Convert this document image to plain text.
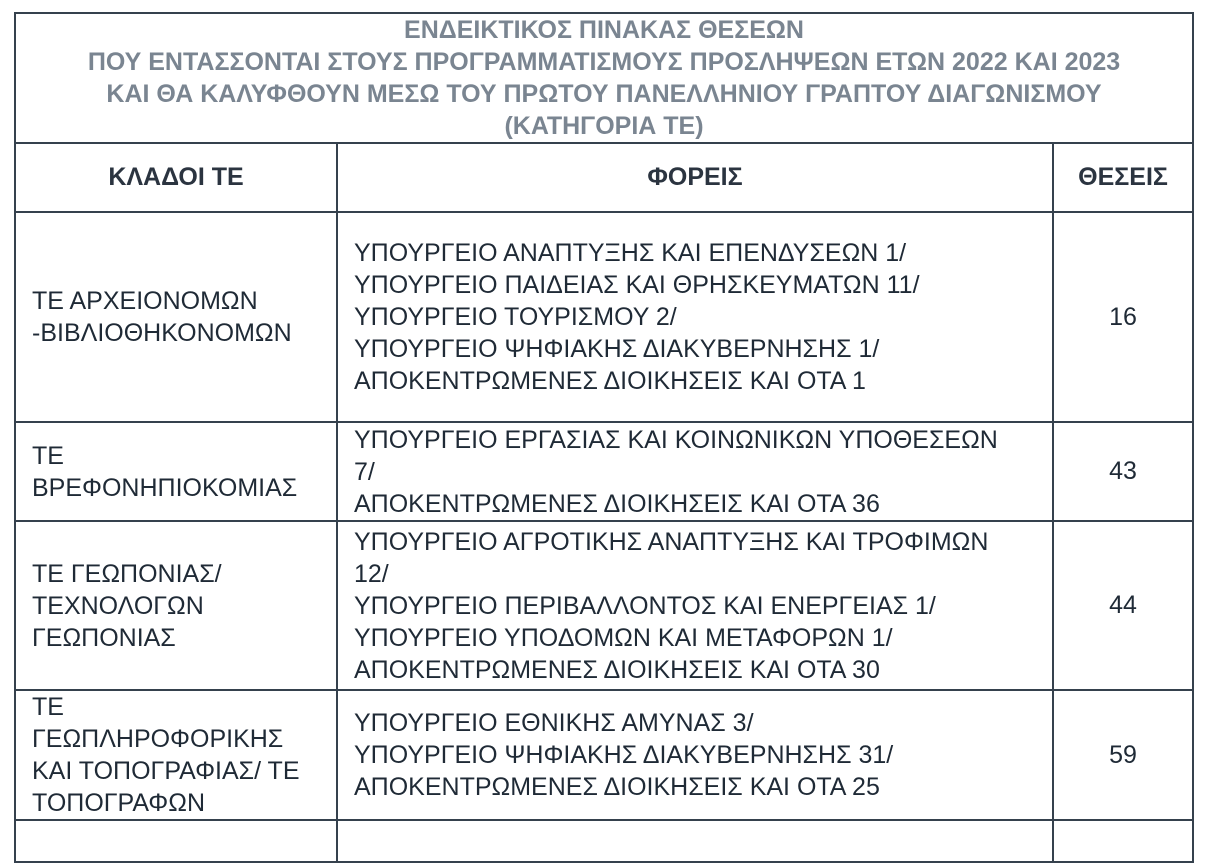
ΕΝΔΕΙΚΤΙΚΟΣ ΠΙΝΑΚΑΣ ΘΕΣΕΩΝ
ΠΟΥ ΕΝΤΑΣΣΟΝΤΑΙ ΣΤΟΥΣ ΠΡΟΓΡΑΜΜΑΤΙΣΜΟΥΣ ΠΡΟΣΛΗΨΕΩΝ ΕΤΩΝ 2022 ΚΑΙ 2023
ΚΑΙ ΘΑ ΚΑΛΥΦΘΟΥΝ ΜΕΣΩ ΤΟΥ ΠΡΩΤΟΥ ΠΑΝΕΛΛΗΝΙΟΥ ΓΡΑΠΤΟΥ ΔΙΑΓΩΝΙΣΜΟΥ
(ΚΑΤΗΓΟΡΙΑ ΤΕ)		

ΚΛΑΔΟΙ ΤΕ	ΦΟΡΕΙΣ	ΘΕΣΕΙΣ

ΤΕ ΑΡΧΕΙΟΝΟΜΩΝ
-ΒΙΒΛΙΟΘΗΚΟΝΟΜΩΝ	ΥΠΟΥΡΓΕΙΟ ΑΝΑΠΤΥΞΗΣ ΚΑΙ ΕΠΕΝΔΥΣΕΩΝ 1/
ΥΠΟΥΡΓΕΙΟ ΠΑΙΔΕΙΑΣ ΚΑΙ ΘΡΗΣΚΕΥΜΑΤΩΝ 11/
ΥΠΟΥΡΓΕΙΟ ΤΟΥΡΙΣΜΟΥ 2/
ΥΠΟΥΡΓΕΙΟ ΨΗΦΙΑΚΗΣ ΔΙΑΚΥΒΕΡΝΗΣΗΣ 1/
ΑΠΟΚΕΝΤΡΩΜΕΝΕΣ ΔΙΟΙΚΗΣΕΙΣ ΚΑΙ ΟΤΑ 1	16

ΤΕ
ΒΡΕΦΟΝΗΠΙΟΚΟΜΙΑΣ	ΥΠΟΥΡΓΕΙΟ ΕΡΓΑΣΙΑΣ ΚΑΙ ΚΟΙΝΩΝΙΚΩΝ ΥΠΟΘΕΣΕΩΝ
7/
ΑΠΟΚΕΝΤΡΩΜΕΝΕΣ ΔΙΟΙΚΗΣΕΙΣ ΚΑΙ ΟΤΑ 36	43

ΤΕ ΓΕΩΠΟΝΙΑΣ/
ΤΕΧΝΟΛΟΓΩΝ
ΓΕΩΠΟΝΙΑΣ	ΥΠΟΥΡΓΕΙΟ ΑΓΡΟΤΙΚΗΣ ΑΝΑΠΤΥΞΗΣ ΚΑΙ ΤΡΟΦΙΜΩΝ
12/
ΥΠΟΥΡΓΕΙΟ ΠΕΡΙΒΑΛΛΟΝΤΟΣ ΚΑΙ ΕΝΕΡΓΕΙΑΣ 1/
ΥΠΟΥΡΓΕΙΟ ΥΠΟΔΟΜΩΝ ΚΑΙ ΜΕΤΑΦΟΡΩΝ 1/
ΑΠΟΚΕΝΤΡΩΜΕΝΕΣ ΔΙΟΙΚΗΣΕΙΣ ΚΑΙ ΟΤΑ 30	44

ΤΕ
ΓΕΩΠΛΗΡΟΦΟΡΙΚΗΣ
ΚΑΙ ΤΟΠΟΓΡΑΦΙΑΣ/ ΤΕ
ΤΟΠΟΓΡΑΦΩΝ	ΥΠΟΥΡΓΕΙΟ ΕΘΝΙΚΗΣ ΑΜΥΝΑΣ 3/
ΥΠΟΥΡΓΕΙΟ ΨΗΦΙΑΚΗΣ ΔΙΑΚΥΒΕΡΝΗΣΗΣ 31/
ΑΠΟΚΕΝΤΡΩΜΕΝΕΣ ΔΙΟΙΚΗΣΕΙΣ ΚΑΙ ΟΤΑ 25	59
